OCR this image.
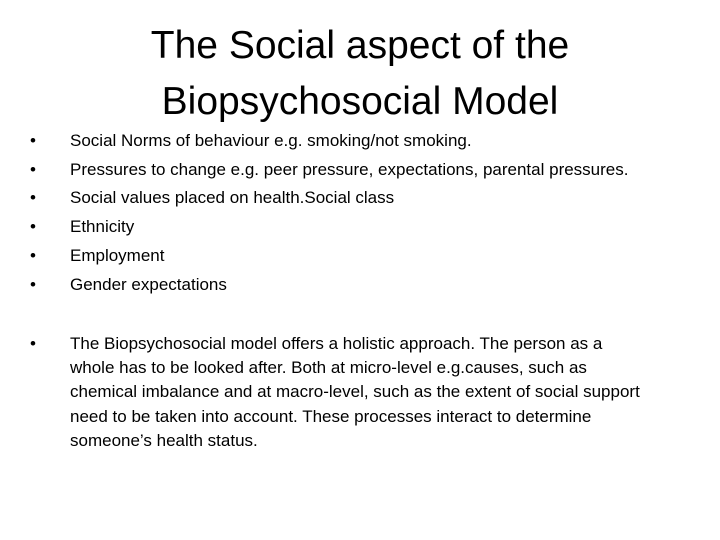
The Social aspect of the
Biopsychosocial Model
•	Social Norms of behaviour e.g. smoking/not smoking.
•	Pressures to change e.g. peer pressure, expectations, parental pressures.
•	Social values placed on health.Social class
•	Ethnicity
•	Employment
•	Gender expectations
• The Biopsychosocial model offers a holistic approach. The person as a whole has to be looked after. Both at micro-level e.g.causes, such as chemical imbalance and at macro-level, such as the extent of social support need to be taken into account. These processes interact to determine someone’s health status.
